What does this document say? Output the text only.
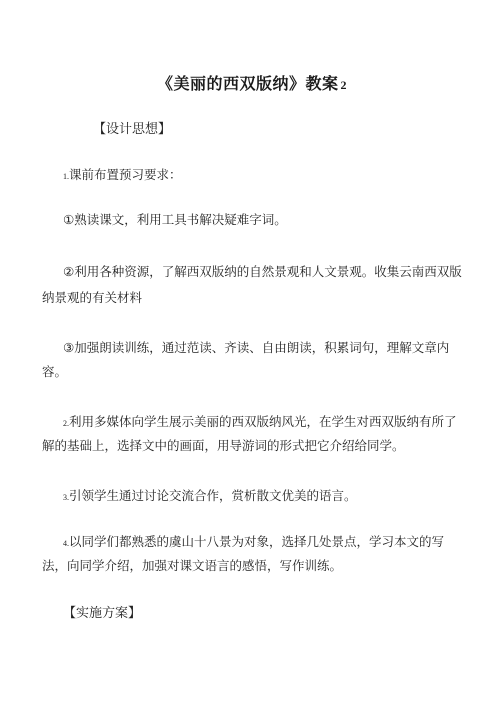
《美丽的西双版纳》教案 2
【设计思想】
1.课前布置预习要求：
①熟读课文，利用工具书解决疑难字词。
②利用各种资源，了解西双版纳的自然景观和人文景观。收集云南西双版
纳景观的有关材料
③加强朗读训练，通过范读、齐读、自由朗读，积累词句，理解文章内
容。
2.利用多媒体向学生展示美丽的西双版纳风光，在学生对西双版纳有所了
解的基础上，选择文中的画面，用导游词的形式把它介绍给同学。
3.引领学生通过讨论交流合作，赏析散文优美的语言。
4.以同学们都熟悉的虞山十八景为对象，选择几处景点，学习本文的写
法，向同学介绍，加强对课文语言的感悟，写作训练。
【实施方案】
